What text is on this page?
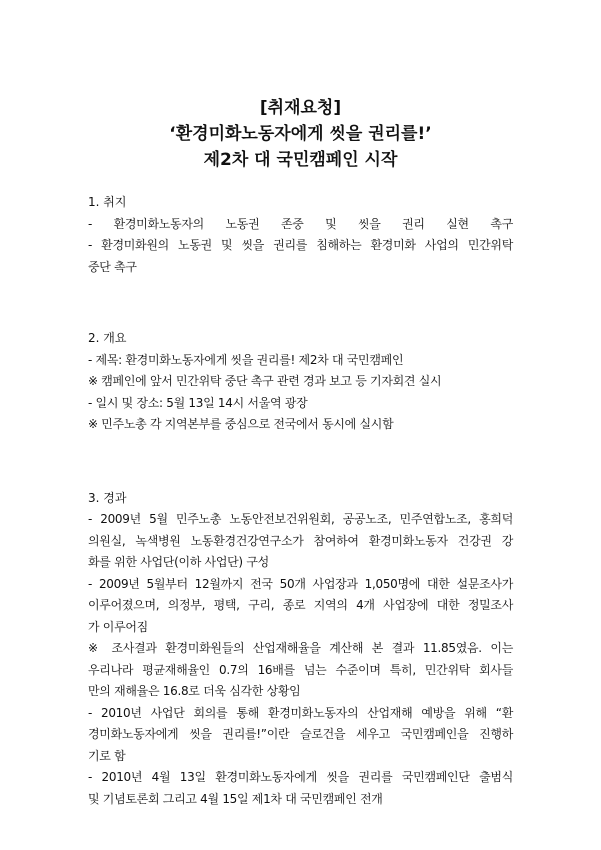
[취재요청]
‘환경미화노동자에게 씻을 권리를!’
제2차 대 국민캠페인 시작
1. 취지
- 환경미화노동자의 노동권 존중 및 씻을 권리 실현 촉구
- 환경미화원의 노동권 및 씻을 권리를 침해하는 환경미화 사업의 민간위탁
중단 촉구
2. 개요
- 제목: 환경미화노동자에게 씻을 권리를! 제2차 대 국민캠페인
※ 캠페인에 앞서 민간위탁 중단 촉구 관련 경과 보고 등 기자회견 실시
- 일시 및 장소: 5월 13일 14시 서울역 광장
※ 민주노총 각 지역본부를 중심으로 전국에서 동시에 실시함
3. 경과
- 2009년 5월 민주노총 노동안전보건위원회, 공공노조, 민주연합노조, 홍희덕
의원실, 녹색병원 노동환경건강연구소가 참여하여 환경미화노동자 건강권 강
화를 위한 사업단(이하 사업단) 구성
- 2009년 5월부터 12월까지 전국 50개 사업장과 1,050명에 대한 설문조사가
이루어졌으며, 의정부, 평택, 구리, 종로 지역의 4개 사업장에 대한 정밀조사
가 이루어짐
※ 조사결과 환경미화원들의 산업재해율을 계산해 본 결과 11.85였음. 이는
우리나라 평균재해율인 0.7의 16배를 넘는 수준이며 특히, 민간위탁 회사들
만의 재해율은 16.8로 더욱 심각한 상황임
- 2010년 사업단 회의를 통해 환경미화노동자의 산업재해 예방을 위해 “환
경미화노동자에게 씻을 권리를!”이란 슬로건을 세우고 국민캠페인을 진행하
기로 함
- 2010년 4월 13일 환경미화노동자에게 씻을 권리를 국민캠페인단 출범식
및 기념토론회 그리고 4월 15일 제1차 대 국민캠페인 전개
